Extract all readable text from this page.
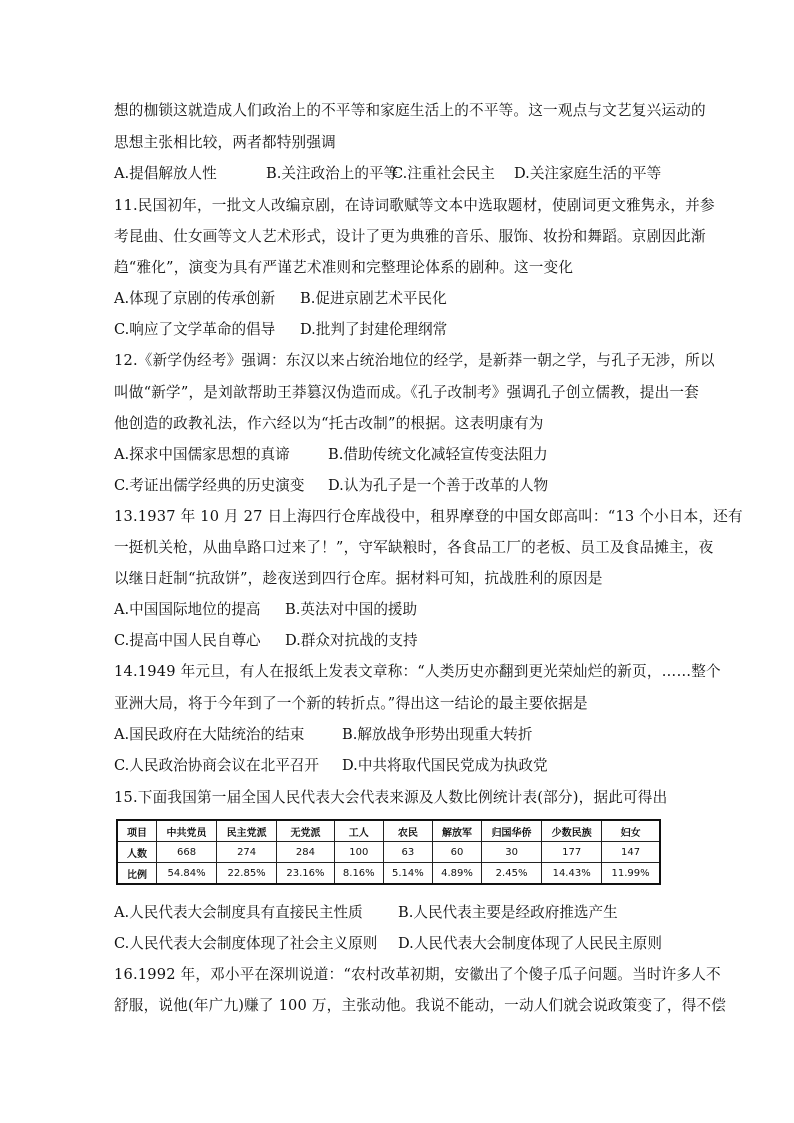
想的枷锁这就造成人们政治上的不平等和家庭生活上的不平等。这一观点与文艺复兴运动的
思想主张相比较，两者都特别强调
A.提倡解放人性	B.关注政治上的平等
C.注重社会民主 D.关注家庭生活的平等
11.民国初年，一批文人改编京剧，在诗词歌赋等文本中选取题材，使剧词更文雅隽永，并参
考昆曲、仕女画等文人艺术形式，设计了更为典雅的音乐、服饰、妆扮和舞蹈。京剧因此渐
趋“雅化”，演变为具有严谨艺术准则和完整理论体系的剧种。这一变化
A.体现了京剧的传承创新 B.促进京剧艺术平民化
C.响应了文学革命的倡导 D.批判了封建伦理纲常
12.《新学伪经考》强调：东汉以来占统治地位的经学，是新莽一朝之学，与孔子无涉，所以
叫做“新学”，是刘歆帮助王莽篡汉伪造而成。《孔子改制考》强调孔子创立儒教，提出一套
他创造的政教礼法，作六经以为“托古改制”的根据。这表明康有为
A.探求中国儒家思想的真谛	B.借助传统文化减轻宣传变法阻力
C.考证出儒学经典的历史演变 D.认为孔子是一个善于改革的人物
13.1937 年 10 月 27 日上海四行仓库战役中，租界摩登的中国女郎高叫：“13 个小日本，还有
一挺机关枪，从曲阜路口过来了！”，守军缺粮时，各食品工厂的老板、员工及食品摊主，夜
以继日赶制“抗敌饼”，趁夜送到四行仓库。据材料可知，抗战胜利的原因是
A.中国国际地位的提高 B.英法对中国的援助
C.提高中国人民自尊心 D.群众对抗战的支持
14.1949 年元旦，有人在报纸上发表文章称：“人类历史亦翻到更光荣灿烂的新页，……整个
亚洲大局，将于今年到了一个新的转折点。”得出这一结论的最主要依据是
A.国民政府在大陆统治的结束	B.解放战争形势出现重大转折
C.人民政治协商会议在北平召开 D.中共将取代国民党成为执政党
15.下面我国第一届全国人民代表大会代表来源及人数比例统计表(部分)，据此可得出
项目	中共党员	民主党派	无党派	工人	农民	解放军	归国华侨	少数民族	妇女
人数	668	274	284	100	63	60	30	177	147
比例	54.84%	22.85%	23.16%	8.16%	5.14%	4.89%	2.45%	14.43%	11.99%
A.人民代表大会制度具有直接民主性质 B.人民代表主要是经政府推选产生
C.人民代表大会制度体现了社会主义原则 D.人民代表大会制度体现了人民民主原则
16.1992 年，邓小平在深圳说道：“农村改革初期，安徽出了个傻子瓜子问题。当时许多人不
舒服，说他(年广九)赚了 100 万，主张动他。我说不能动，一动人们就会说政策变了，得不偿
